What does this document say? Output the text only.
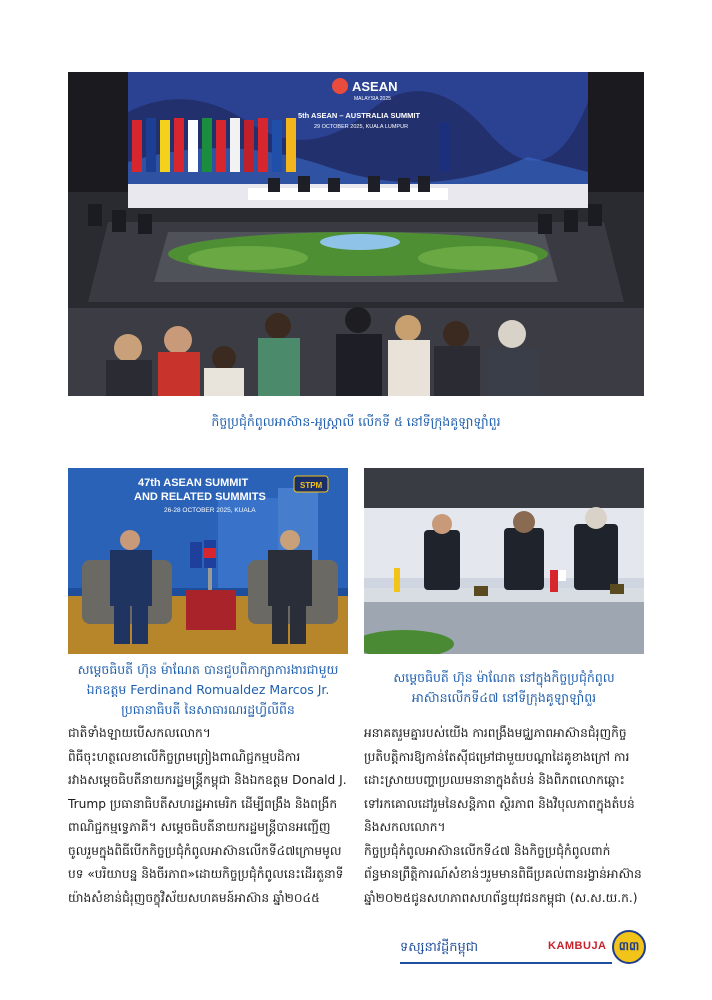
ASEAN
MALAYSIA 2025
5th ASEAN – AUSTRALIA SUMMIT
29 OCTOBER 2025, KUALA LUMPUR
កិច្ចប្រជុំកំពូលអាស៊ាន-អូស្ត្រាលី លើកទី ៥ នៅទីក្រុងគូឡាឡាំពួរ
47th ASEAN SUMMIT
AND RELATED SUMMITS
26-28 OCTOBER 2025, KUALA
STPM
សម្ដេចធិបតី ហ៊ុន ម៉ាណែត បានជួបពិភាក្សាការងារជាមួយ
ឯកឧត្តម Ferdinand Romualdez Marcos Jr.
ប្រធានាធិបតី នៃសាធារណរដ្ឋហ្វីលីពីន
សម្ដេចធិបតី ហ៊ុន ម៉ាណែត នៅក្នុងកិច្ចប្រជុំកំពូល
អាស៊ានលើកទី៤៧ នៅទីក្រុងគូឡាឡាំពួរ

ជាតិទាំងឡាយបើសកលលោក។

ពិធីចុះហត្ថលេខាលើកិច្ចព្រមព្រៀងពាណិជ្ជកម្មបដិការ

រវាងសម្ដេចធិបតីនាយករដ្ឋមន្ត្រីកម្ពុជា និងឯកឧត្តម Donald J.

Trump ប្រធានាធិបតីសហរដ្ឋអាមេរិក ដើម្បីពង្រឹង និងពង្រីក

ពាណិជ្ជកម្មទ្វេភាគី។ សម្ដេចធិបតីនាយករដ្ឋមន្ត្រីបានអញ្ជើញ

ចូលរួមក្នុងពិធីបើកកិច្ចប្រជុំកំពូលអាស៊ានលើកទី៤៧ក្រោមមូល

បទ «បរិយាបន្ន និងចីរភាព»ដោយកិច្ចប្រជុំកំពូលនេះដើរតួនាទី

យ៉ាងសំខាន់ជំរុញចក្ខុវិស័យសហគមន៍អាស៊ាន ឆ្នាំ២០៤៥

អនាគតរួមគ្នារបស់យើង ការពង្រឹងមជ្ឈភាពអាស៊ានជំរុញកិច្ច

ប្រតិបត្តិការឱ្យកាន់តែស៊ីជម្រៅជាមួយបណ្ដាដៃគូខាងក្រៅ ការ

ដោះស្រាយបញ្ហាប្រឈមនានាក្នុងតំបន់ និងពិភពលោកឆ្ពោះ

ទៅរកគោលដៅរួមនៃសន្តិភាព ស្ថិរភាព និងវិបុលភាពក្នុងតំបន់

និងសកលលោក។

កិច្ចប្រជុំកំពូលអាស៊ានលើកទី៤៧ និងកិច្ចប្រជុំកំពូលពាក់

ព័ន្ធមានព្រឹត្តិការណ៍សំខាន់ៗរួមមានពិធីប្រគល់ពានរង្វាន់អាស៊ាន

ឆ្នាំ២០២៥ជូនសហភាពសហព័ន្ធយុវជនកម្ពុជា (ស.ស.យ.ក.)

ទស្សនាវដ្ដីកម្ពុជា	KAMBUJA ៣៣
